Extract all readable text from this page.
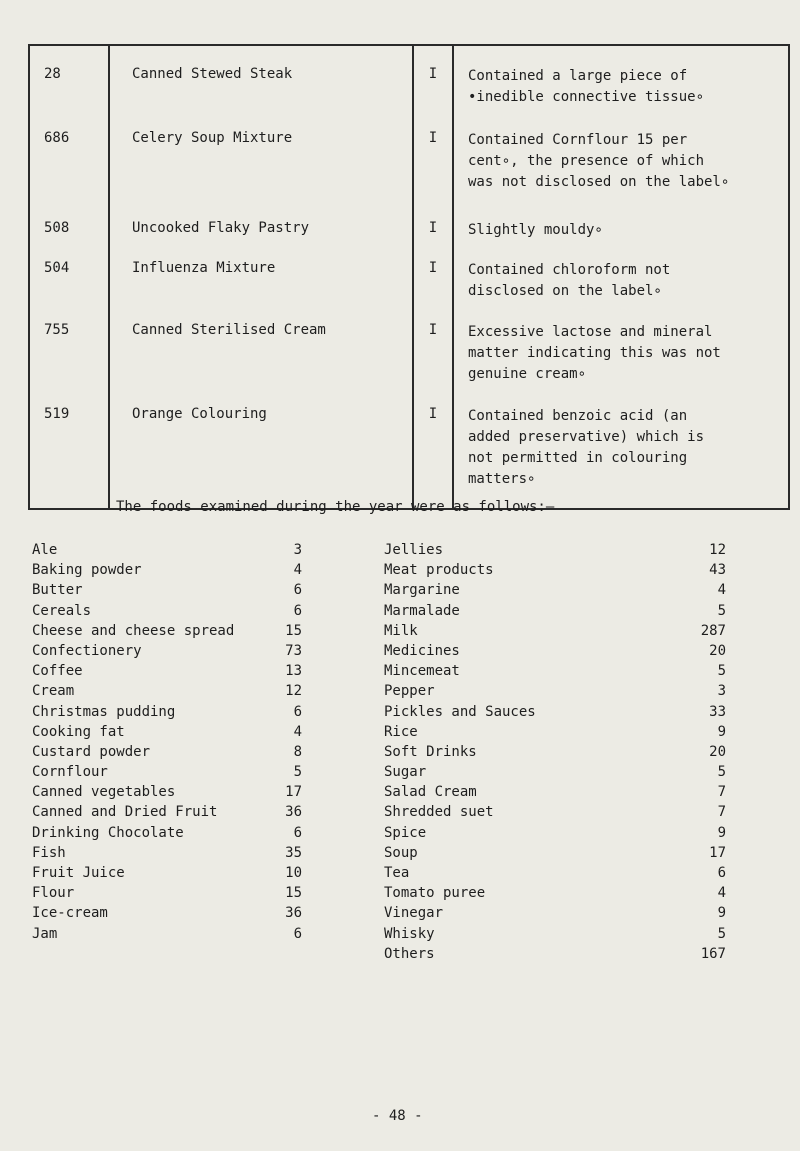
28	Canned Stewed Steak	I	Contained a large piece of
•inedible connective tissue∘

686	Celery Soup Mixture	I	Contained Cornflour 15 per
cent∘, the presence of which
was not disclosed on the label∘

508	Uncooked Flaky Pastry	I	Slightly mouldy∘

504	Influenza Mixture	I	Contained chloroform not
disclosed on the label∘

755	Canned Sterilised Cream	I	Excessive lactose and mineral
matter indicating this was not
genuine cream∘

519	Orange Colouring	I	Contained benzoic acid (an
added preservative) which is
not permitted in colouring
matters∘

The foods examined during the year were as follows:—

Ale	3
Baking powder	4
Butter	6
Cereals	6
Cheese and cheese spread	15
Confectionery	73
Coffee	13
Cream	12
Christmas pudding	6
Cooking fat	4
Custard powder	8
Cornflour	5
Canned vegetables	17
Canned and Dried Fruit	36
Drinking Chocolate	6
Fish	35
Fruit Juice	10
Flour	15
Ice-cream	36
Jam	6
Jellies	12
Meat products	43
Margarine	4
Marmalade	5
Milk	287
Medicines	20
Mincemeat	5
Pepper	3
Pickles and Sauces	33
Rice	9
Soft Drinks	20
Sugar	5
Salad Cream	7
Shredded suet	7
Spice	9
Soup	17
Tea	6
Tomato puree	4
Vinegar	9
Whisky	5
Others	167
- 48 -
